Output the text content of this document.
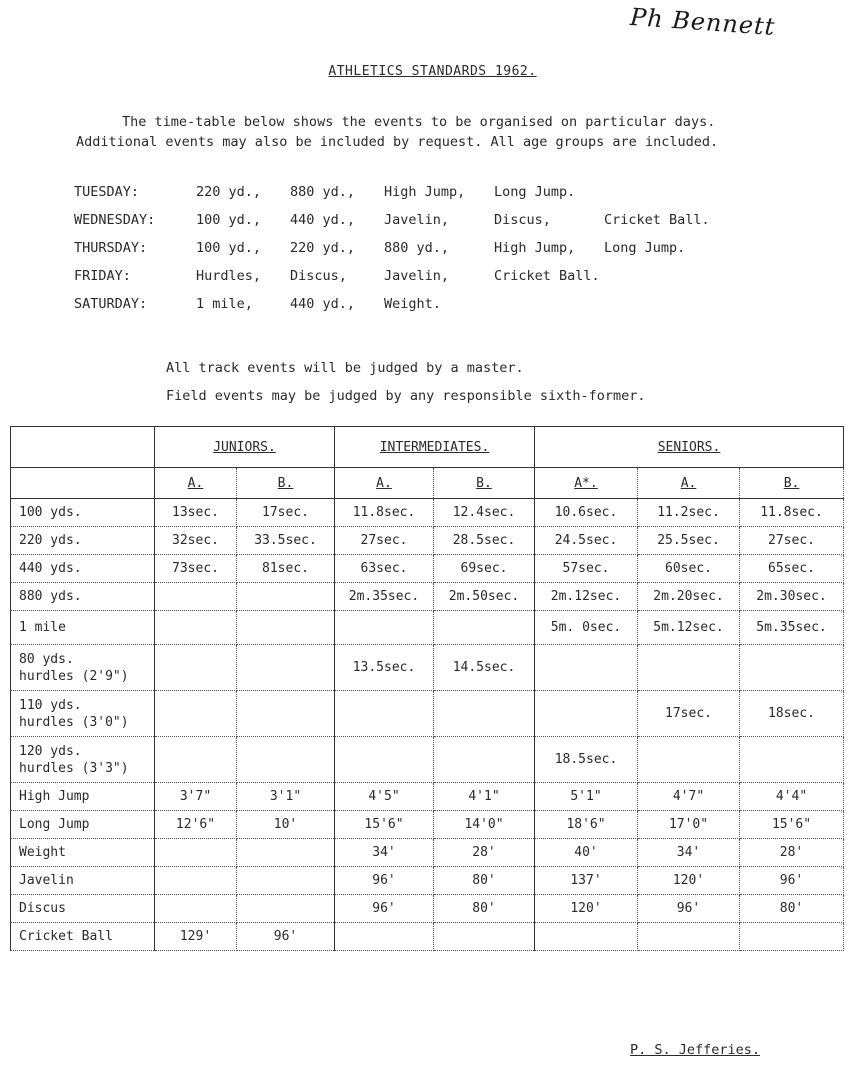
Ph Bennett
ATHLETICS STANDARDS 1962.
The time-table below shows the events to be organised on particular days.
Additional events may also be included by request. All age groups are included.
TUESDAY:	220 yd.,	880 yd.,	High Jump,	Long Jump.
WEDNESDAY:	100 yd.,	440 yd.,	Javelin,	Discus,	Cricket Ball.
THURSDAY:	100 yd.,	220 yd.,	880 yd.,	High Jump,	Long Jump.
FRIDAY:	Hurdles,	Discus,	Javelin,	Cricket Ball.
SATURDAY:	1 mile,	440 yd.,	Weight.
All track events will be judged by a master.
Field events may be judged by any responsible sixth-former.
	JUNIORS.		INTERMEDIATES.		SENIORS.		
	A.	B.	A.	B.	A*.	A.	B.
100 yds.	13sec.	17sec.	11.8sec.	12.4sec.	10.6sec.	11.2sec.	11.8sec.
220 yds.	32sec.	33.5sec.	27sec.	28.5sec.	24.5sec.	25.5sec.	27sec.
440 yds.	73sec.	81sec.	63sec.	69sec.	57sec.	60sec.	65sec.
880 yds.			2m.35sec.	2m.50sec.	2m.12sec.	2m.20sec.	2m.30sec.
1 mile					5m. 0sec.	5m.12sec.	5m.35sec.
80 yds.
hurdles (2'9")			13.5sec.	14.5sec.			
110 yds.
hurdles (3'0")						17sec.	18sec.
120 yds.
hurdles (3'3")					18.5sec.		
High Jump	3'7"	3'1"	4'5"	4'1"	5'1"	4'7"	4'4"
Long Jump	12'6"	10'	15'6"	14'0"	18'6"	17'0"	15'6"
Weight			34'	28'	40'	34'	28'
Javelin			96'	80'	137'	120'	96'
Discus			96'	80'	120'	96'	80'
Cricket Ball	129'	96'					
P. S. Jefferies.
